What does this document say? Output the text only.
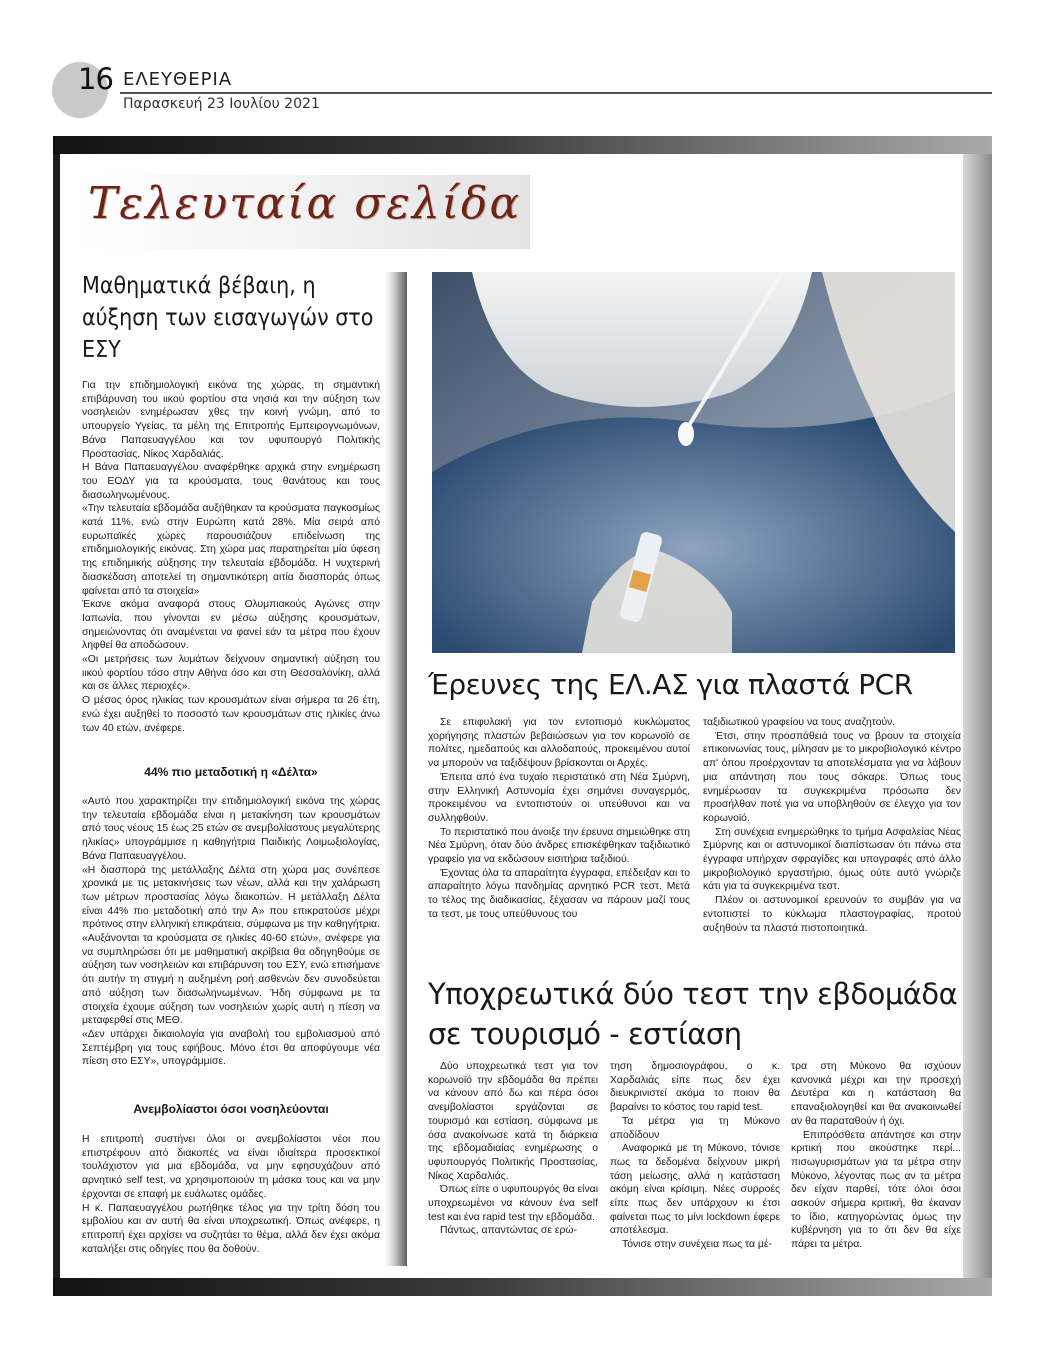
16 ΕΛΕΥΘΕΡΙΑ
Παρασκευή 23 Ιουλίου 2021
Τελευταία σελίδα
Μαθηματικά βέβαιη, η αύξηση των εισαγωγών στο ΕΣΥ

Για την επιδημιολογική εικόνα της χώρας, τη σημαντική επιβάρυνση του ιικού φορτίου στα νησιά και την αύξηση των νοσηλειών ενημέρωσαν χθες την κοινή γνώμη, από το υπουργείο Υγείας, τα μέλη της Επιτροπής Εμπειρογνωμόνων, Βάνα Παπαευαγγέλου και τον υφυπουργό Πολιτικής Προστασίας, Νίκος Χαρδαλιάς.

Η Βάνα Παπαευαγγέλου αναφέρθηκε αρχικά στην ενημέρωση του ΕΟΔΥ για τα κρούσματα, τους θανάτους και τους διασωληνωμένους.

«Την τελευταία εβδομάδα αυξήθηκαν τα κρούσματα παγκοσμίως κατά 11%, ενώ στην Ευρώπη κατά 28%. Μία σειρά από ευρωπαϊκές χώρες παρουσιάζουν επιδείνωση της επιδημιολογικής εικόνας. Στη χώρα μας παρατηρείται μία ύφεση της επιδημικής αύξησης την τελευταία εβδομάδα. Η νυχτερινή διασκέδαση αποτελεί τη σημαντικότερη αιτία διασποράς όπως φαίνεται από τα στοιχεία»

Έκανε ακόμα αναφορά στους Ολυμπιακούς Αγώνες στην Ιαπωνία, που γίνονται εν μέσω αύξησης κρουσμάτων, σημειώνοντας ότι αναμένεται να φανεί εάν τα μέτρα που έχουν ληφθεί θα αποδώσουν.

«Οι μετρήσεις των λυμάτων δείχνουν σημαντική αύξηση του ιικού φορτίου τόσο στην Αθήνα όσο και στη Θεσσαλονίκη, αλλά και σε άλλες περιοχές».

Ο μέσος όρος ηλικίας των κρουσμάτων είναι σήμερα τα 26 έτη, ενώ έχει αυξηθεί το ποσοστό των κρουσμάτων στις ηλικίες άνω των 40 ετών, ανέφερε.

44% πιο μεταδοτική η «Δέλτα»

«Αυτό που χαρακτηρίζει την επιδημιολογική εικόνα της χώρας την τελευταία εβδομάδα είναι η μετακίνηση των κρουσμάτων από τους νέους 15 έως 25 ετών σε ανεμβολίαστους μεγαλύτερης ηλικίας» υπογράμμισε η καθηγήτρια Παιδικής Λοιμωξιολογίας, Βάνα Παπαευαγγέλου.

«Η διασπορά της μετάλλαξης Δέλτα στη χώρα μας συνέπεσε χρονικά με τις μετακινήσεις των νέων, αλλά και την χαλάρωση των μέτρων προστασίας λόγω διακοπών. Η μετάλλαξη Δέλτα είναι 44% πιο μεταδοτική από την Α» που επικρατούσε μέχρι πρότινος στην ελληνική επικράτεια, σύμφωνα με την καθηγήτρια.

«Αυξάνονται τα κρούσματα σε ηλικίες 40-60 ετών», ανέφερε για να συμπληρώσει ότι με μαθηματική ακρίβεια θα οδηγηθούμε σε αύξηση των νοσηλειών και επιβάρυνση του ΕΣΥ, ενώ επισήμανε ότι αυτήν τη στιγμή η αυξημένη ροή ασθενών δεν συνοδεύεται από αύξηση των διασωληνωμένων. Ήδη σύμφωνα με τα στοιχεία έχουμε αύξηση των νοσηλειών χωρίς αυτή η πίεση να μεταφερθεί στις ΜΕΘ.

«Δεν υπάρχει δικαιολογία για αναβολή του εμβολιασμού από Σεπτέμβρη για τους εφήβους. Μόνο έτσι θα αποφύγουμε νέα πίεση στο ΕΣΥ», υπογράμμισε.

Ανεμβολίαστοι όσοι νοσηλεύονται

Η επιτροπή συστήνει όλοι οι ανεμβολίαστοι νέοι που επιστρέφουν από διακοπές να είναι ιδιαίτερα προσεκτικοί τουλάχιστον για μια εβδομάδα, να μην εφησυχάζουν από αρνητικό self test, να χρησιμοποιούν τη μάσκα τους και να μην έρχονται σε επαφή με ευάλωτες ομάδες.

Η κ. Παπαευαγγέλου ρωτήθηκε τέλος για την τρίτη δόση του εμβολίου και αν αυτή θα είναι υποχρεωτική. Όπως ανέφερε, η επιτροπή έχει αρχίσει να συζητάει το θέμα, αλλά δεν έχει ακόμα καταλήξει στις οδηγίες που θα δοθούν.

Έρευνες της ΕΛ.ΑΣ για πλαστά PCR

Σε επιφυλακή για τον εντοπισμό κυκλώματος χορήγησης πλαστών βεβαιώσεων για τον κορωνοϊό σε πολίτες, ημεδαπούς και αλλοδαπούς, προκειμένου αυτοί να μπορούν να ταξιδέψουν βρίσκονται οι Αρχές.

Έπειτα από ένα τυχαίο περιστατικό στη Νέα Σμύρνη, στην Ελληνική Αστυνομία έχει σημάνει συναγερμός, προκειμένου να εντοπιστούν οι υπεύθυνοι και να συλληφθούν.

Το περιστατικό που άνοιξε την έρευνα σημειώθηκε στη Νέα Σμύρνη, όταν δύο άνδρες επισκέφθηκαν ταξιδιωτικό γραφείο για να εκδώσουν εισιτήρια ταξιδιού.

Έχοντας όλα τα απαραίτητα έγγραφα, επέδειξαν και το απαραίτητο λόγω πανδημίας αρνητικό PCR τεστ. Μετά το τέλος της διαδικασίας, ξέχασαν να πάρουν μαζί τους τα τεστ, με τους υπεύθυνους του

ταξιδιωτικού γραφείου να τους αναζητούν.

Έτσι, στην προσπάθειά τους να βρουν τα στοιχεία επικοινωνίας τους, μίλησαν με το μικροβιολογικό κέντρο απ' όπου προέρχονταν τα αποτελέσματα για να λάβουν μια απάντηση που τους σόκαρε. Όπως τους ενημέρωσαν τα συγκεκριμένα πρόσωπα δεν προσήλθαν ποτέ για να υποβληθούν σε έλεγχο για τον κορωνοϊό.

Στη συνέχεια ενημερώθηκε το τμήμα Ασφαλείας Νέας Σμύρνης και οι αστυνομικοί διαπίστωσαν ότι πάνω στα έγγραφα υπήρχαν σφραγίδες και υπογραφές από άλλο μικροβιολογικό εργαστήριο, όμως ούτε αυτό γνώριζε κάτι για τα συγκεκριμένα τεστ.

Πλέον οι αστυνομικοί ερευνούν το συμβάν για να εντοπιστεί το κύκλωμα πλαστογραφίας, προτού αυξηθούν τα πλαστά πιστοποιητικά.

Υποχρεωτικά δύο τεστ την εβδομάδα σε τουρισμό - εστίαση

Δύο υποχρεωτικά τεστ για τον κορωνοϊό την εβδομάδα θα πρέπει να κάνουν από δω και πέρα όσοι ανεμβολίαστοι εργάζονται σε τουρισμό και εστίαση, σύμφωνα με όσα ανακοίνωσε κατά τη διάρκεια της εβδομαδιαίας ενημέρωσης ο υφυπουργός Πολιτικής Προστασίας, Νίκος Χαρδαλιάς.

Όπως είπε ο υφυπουργός θα είναι υποχρεωμένοι να κάνουν ένα self test και ένα rapid test την εβδομάδα.

Πάντως, απαντώντας σε ερώ-

τηση δημοσιογράφου, ο κ. Χαρδαλιάς είπε πως δεν έχει διευκρινιστεί ακόμα το ποιον θα βαραίνει το κόστος του rapid test.

Τα μέτρα για τη Μύκονο αποδίδουν

Αναφορικά με τη Μύκονο, τόνισε πως τα δεδομένα δείχνουν μικρή τάση μείωσης, αλλά η κατάσταση ακόμη είναι κρίσιμη. Νέες συρροές είπε πως δεν υπάρχουν κι έτσι φαίνεται πως το μίνι lockdown έφερε αποτέλεσμα.

Τόνισε στην συνέχεια πως τα μέ-

τρα στη Μύκονο θα ισχύουν κανονικά μέχρι και την προσεχή Δευτέρα και η κατάσταση θα επαναξιολογηθεί και θα ανακοινωθεί αν θα παραταθούν ή όχι.

Επιπρόσθετα απάντησε και στην κριτική που ακούστηκε περί... πισωγυρισμάτων για τα μέτρα στην Μύκονο, λέγοντας πως αν τα μέτρα δεν είχαν παρθεί, τότε όλοι όσοι ασκούν σήμερα κριτική, θα έκαναν το ίδιο, κατηγορώντας όμως την κυβέρνηση για το ότι δεν θα είχε πάρει τα μέτρα.
